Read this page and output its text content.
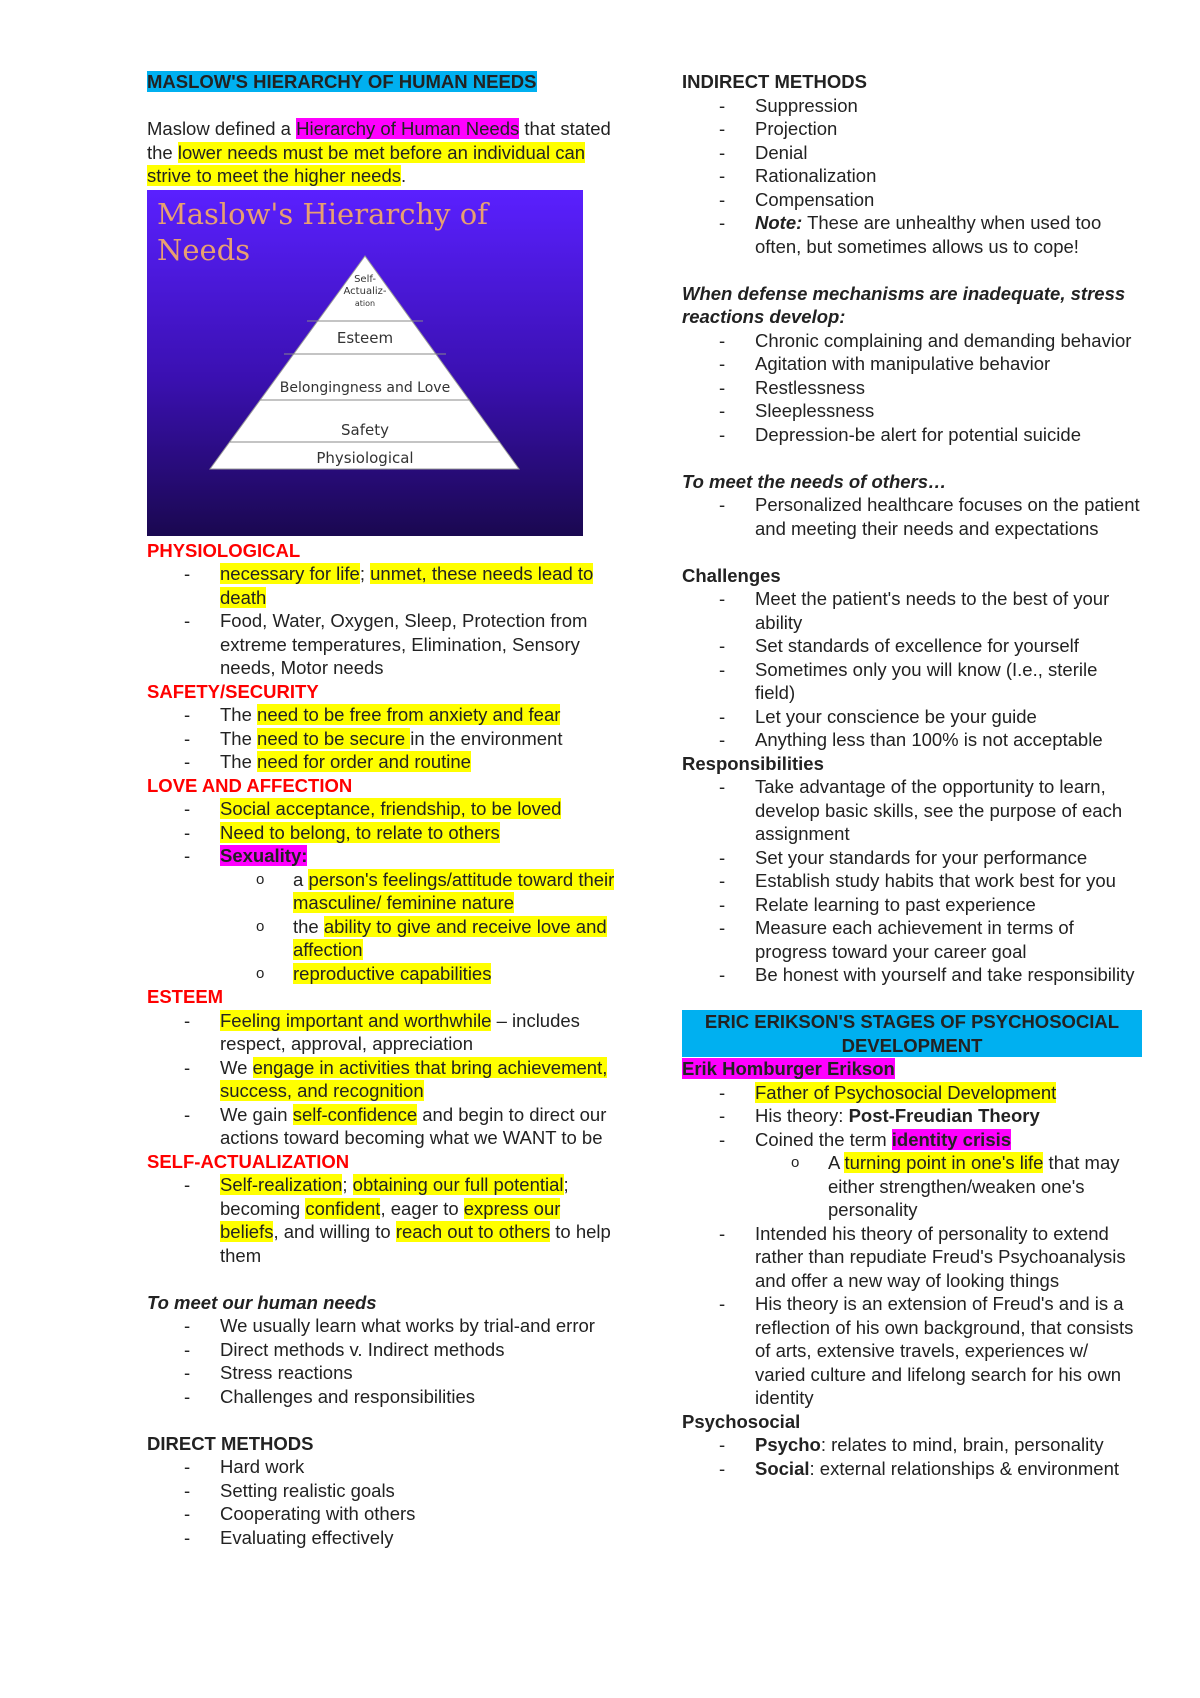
MASLOW'S HIERARCHY OF HUMAN NEEDS

Maslow defined a Hierarchy of Human Needs that stated the lower needs must be met before an individual can strive to meet the higher needs.

Maslow's Hierarchy of
Needs
Self-
Actualiz-
ation
Esteem
Belongingness and Love
Safety
Physiological

PHYSIOLOGICAL

- necessary for life; unmet, these needs lead to death
- Food, Water, Oxygen, Sleep, Protection from extreme temperatures, Elimination, Sensory needs, Motor needs

SAFETY/SECURITY

- The need to be free from anxiety and fear
- The need to be secure in the environment
- The need for order and routine

LOVE AND AFFECTION

- Social acceptance, friendship, to be loved
- Need to belong, to relate to others
- Sexuality:
o a person's feelings/attitude toward their masculine/ feminine nature
o the ability to give and receive love and affection
o reproductive capabilities

ESTEEM

- Feeling important and worthwhile – includes respect, approval, appreciation
- We engage in activities that bring achievement, success, and recognition
- We gain self-confidence and begin to direct our actions toward becoming what we WANT to be

SELF-ACTUALIZATION

- Self-realization; obtaining our full potential; becoming confident, eager to express our beliefs, and willing to reach out to others to help them

To meet our human needs

- We usually learn what works by trial-and error
- Direct methods v. Indirect methods
- Stress reactions
- Challenges and responsibilities

DIRECT METHODS

- Hard work
- Setting realistic goals
- Cooperating with others
- Evaluating effectively

INDIRECT METHODS

- Suppression
- Projection
- Denial
- Rationalization
- Compensation
- Note: These are unhealthy when used too often, but sometimes allows us to cope!

When defense mechanisms are inadequate, stress reactions develop:

- Chronic complaining and demanding behavior
- Agitation with manipulative behavior
- Restlessness
- Sleeplessness
- Depression-be alert for potential suicide

To meet the needs of others…

- Personalized healthcare focuses on the patient and meeting their needs and expectations

Challenges

- Meet the patient's needs to the best of your ability
- Set standards of excellence for yourself
- Sometimes only you will know (I.e., sterile field)
- Let your conscience be your guide
- Anything less than 100% is not acceptable

Responsibilities

- Take advantage of the opportunity to learn, develop basic skills, see the purpose of each assignment
- Set your standards for your performance
- Establish study habits that work best for you
- Relate learning to past experience
- Measure each achievement in terms of progress toward your career goal
- Be honest with yourself and take responsibility

ERIC ERIKSON'S STAGES OF PSYCHOSOCIAL DEVELOPMENT

Erik Homburger Erikson

- Father of Psychosocial Development
- His theory: Post-Freudian Theory
- Coined the term identity crisis
o A turning point in one's life that may either strengthen/weaken one's personality
- Intended his theory of personality to extend rather than repudiate Freud's Psychoanalysis and offer a new way of looking things
- His theory is an extension of Freud's and is a reflection of his own background, that consists of arts, extensive travels, experiences w/ varied culture and lifelong search for his own identity

Psychosocial

- Psycho: relates to mind, brain, personality
- Social: external relationships & environment
